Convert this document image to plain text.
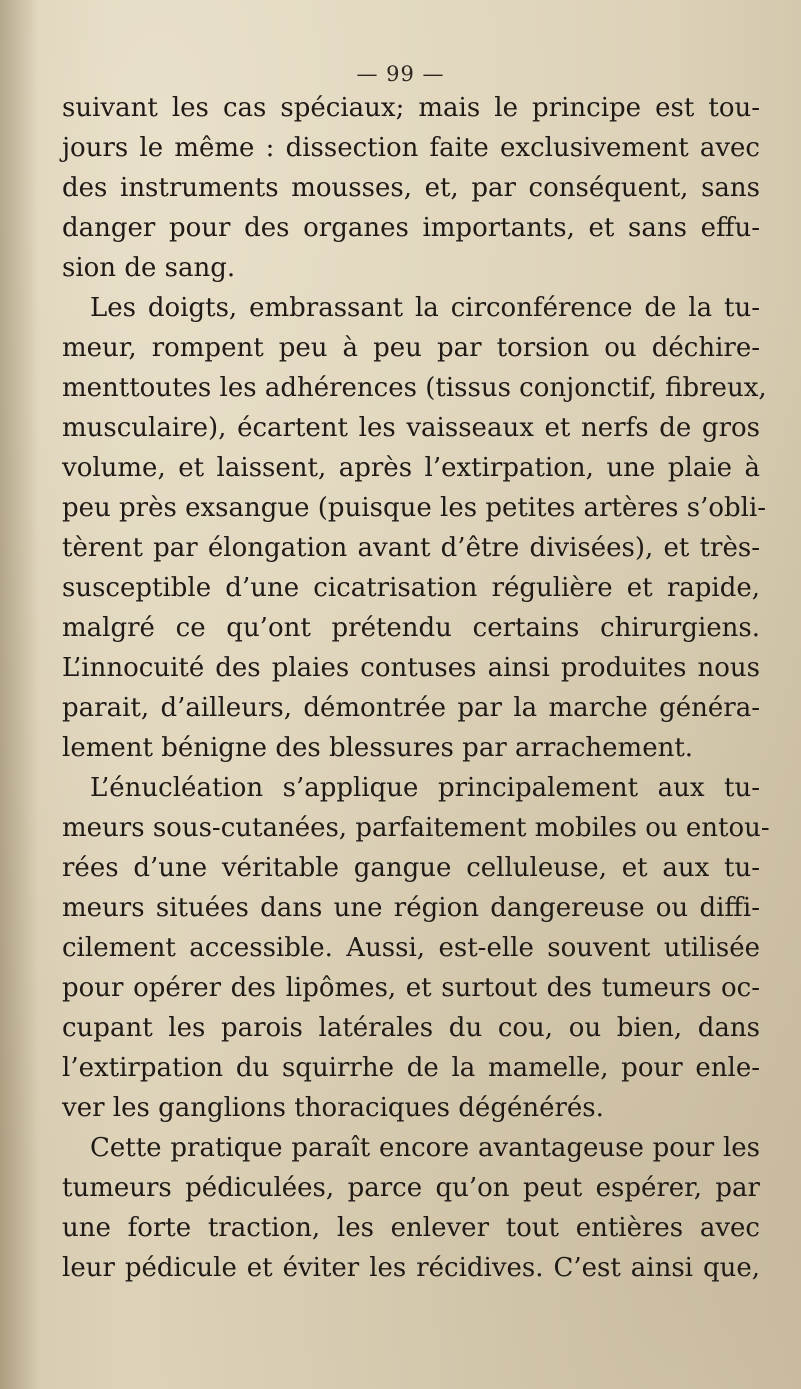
— 99 —
suivant les cas spéciaux; mais le principe est tou-
jours le même : dissection faite exclusivement avec
des instruments mousses, et, par conséquent, sans
danger pour des organes importants, et sans effu-
sion de sang.
Les doigts, embrassant la circonférence de la tu-
meur, rompent peu à peu par torsion ou déchire-
menttoutes les adhérences (tissus conjonctif, fibreux,
musculaire), écartent les vaisseaux et nerfs de gros
volume, et laissent, après l’extirpation, une plaie à
peu près exsangue (puisque les petites artères s’obli-
tèrent par élongation avant d’être divisées), et très-
susceptible d’une cicatrisation régulière et rapide,
malgré ce qu’ont prétendu certains chirurgiens.
L’innocuité des plaies contuses ainsi produites nous
parait, d’ailleurs, démontrée par la marche généra-
lement bénigne des blessures par arrachement.
L’énucléation s’applique principalement aux tu-
meurs sous-cutanées, parfaitement mobiles ou entou-
rées d’une véritable gangue celluleuse, et aux tu-
meurs situées dans une région dangereuse ou diffi-
cilement accessible. Aussi, est-elle souvent utilisée
pour opérer des lipômes, et surtout des tumeurs oc-
cupant les parois latérales du cou, ou bien, dans
l’extirpation du squirrhe de la mamelle, pour enle-
ver les ganglions thoraciques dégénérés.
Cette pratique paraît encore avantageuse pour les
tumeurs pédiculées, parce qu’on peut espérer, par
une forte traction, les enlever tout entières avec
leur pédicule et éviter les récidives. C’est ainsi que,
